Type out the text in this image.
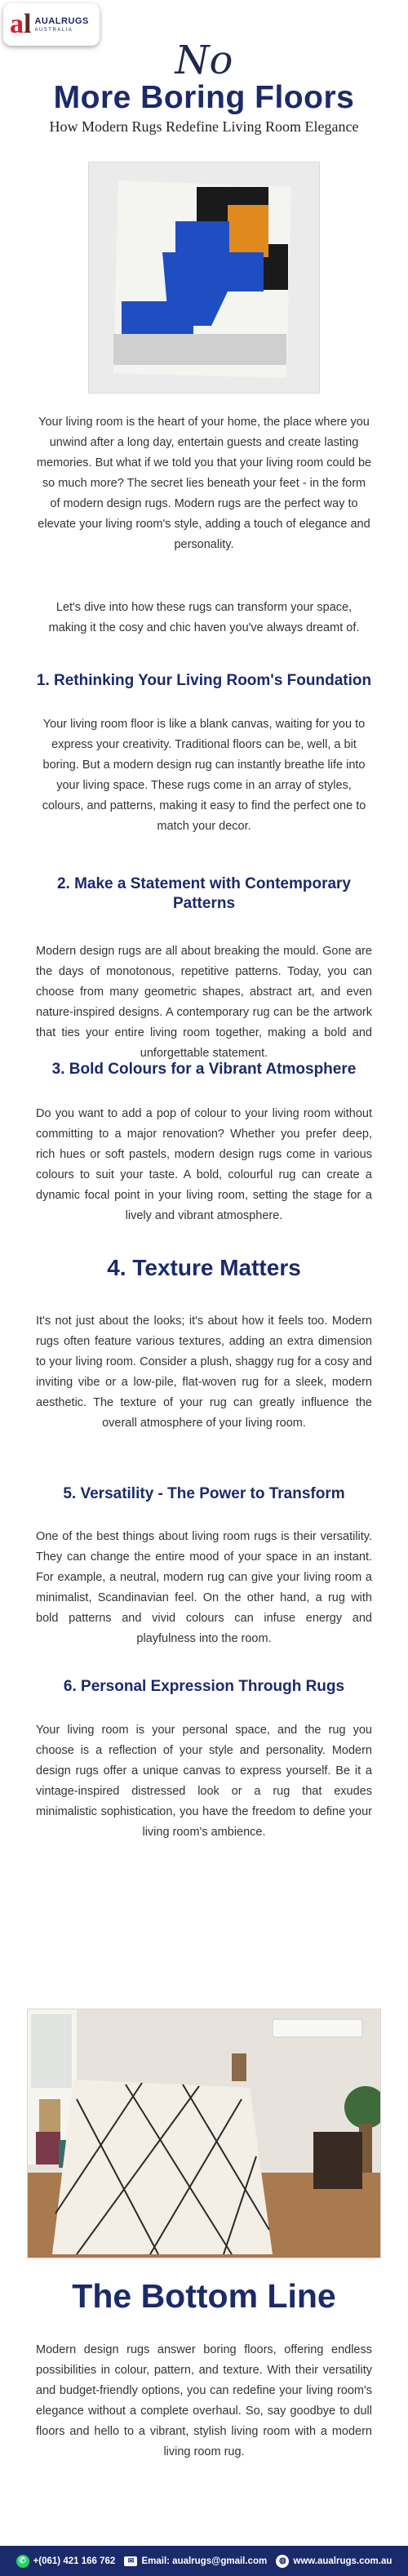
al AUALRUGS
AUSTRALIA
No
More Boring Floors
How Modern Rugs Redefine Living Room Elegance

Your living room is the heart of your home, the place where you unwind after a long day, entertain guests and create lasting memories. But what if we told you that your living room could be so much more? The secret lies beneath your feet - in the form of modern design rugs. Modern rugs are the perfect way to elevate your living room's style, adding a touch of elegance and personality.

Let's dive into how these rugs can transform your space, making it the cosy and chic haven you've always dreamt of.

1. Rethinking Your Living Room's Foundation

Your living room floor is like a blank canvas, waiting for you to express your creativity. Traditional floors can be, well, a bit boring. But a modern design rug can instantly breathe life into your living space. These rugs come in an array of styles, colours, and patterns, making it easy to find the perfect one to match your decor.

2. Make a Statement with Contemporary Patterns

Modern design rugs are all about breaking the mould. Gone are the days of monotonous, repetitive patterns. Today, you can choose from many geometric shapes, abstract art, and even nature-inspired designs. A contemporary rug can be the artwork that ties your entire living room together, making a bold and unforgettable statement.

3. Bold Colours for a Vibrant Atmosphere

Do you want to add a pop of colour to your living room without committing to a major renovation? Whether you prefer deep, rich hues or soft pastels, modern design rugs come in various colours to suit your taste. A bold, colourful rug can create a dynamic focal point in your living room, setting the stage for a lively and vibrant atmosphere.

4. Texture Matters

It's not just about the looks; it's about how it feels too. Modern rugs often feature various textures, adding an extra dimension to your living room. Consider a plush, shaggy rug for a cosy and inviting vibe or a low-pile, flat-woven rug for a sleek, modern aesthetic. The texture of your rug can greatly influence the overall atmosphere of your living room.

5. Versatility - The Power to Transform

One of the best things about living room rugs is their versatility. They can change the entire mood of your space in an instant. For example, a neutral, modern rug can give your living room a minimalist, Scandinavian feel. On the other hand, a rug with bold patterns and vivid colours can infuse energy and playfulness into the room.

6. Personal Expression Through Rugs

Your living room is your personal space, and the rug you choose is a reflection of your style and personality. Modern design rugs offer a unique canvas to express yourself. Be it a vintage-inspired distressed look or a rug that exudes minimalistic sophistication, you have the freedom to define your living room's ambience.

The Bottom Line

Modern design rugs answer boring floors, offering endless possibilities in colour, pattern, and texture. With their versatility and budget-friendly options, you can redefine your living room's elegance without a complete overhaul. So, say goodbye to dull floors and hello to a vibrant, stylish living room with a modern living room rug.

✆ +(061) 421 166 762	✉ Email: aualrugs@gmail.com	◍ www.aualrugs.com.au
